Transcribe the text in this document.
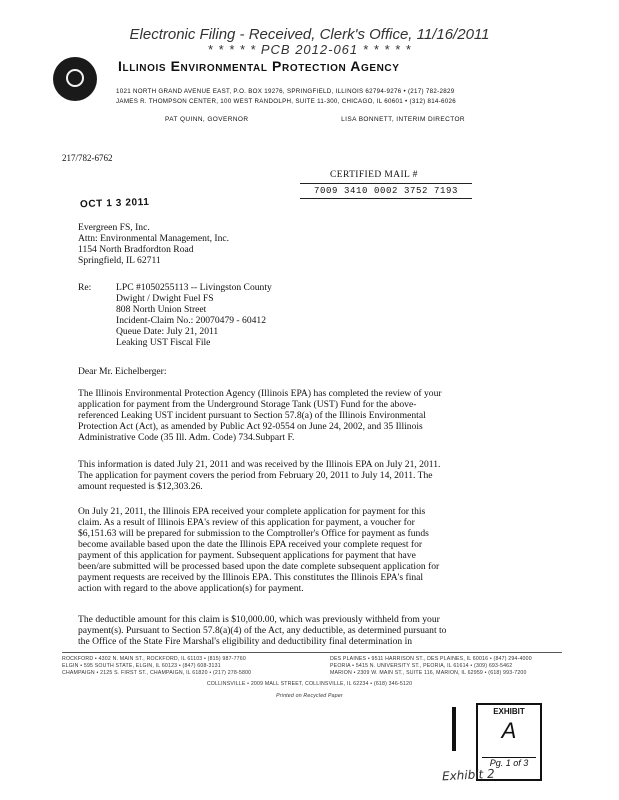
Electronic Filing - Received, Clerk's Office, 11/16/2011
* * * * * PCB 2012-061 * * * * *
Illinois Environmental Protection Agency
1021 NORTH GRAND AVENUE EAST, P.O. BOX 19276, SPRINGFIELD, ILLINOIS 62794-9276 • (217) 782-2829
JAMES R. THOMPSON CENTER, 100 WEST RANDOLPH, SUITE 11-300, CHICAGO, IL 60601 • (312) 814-6026
PAT QUINN, GOVERNOR	LISA BONNETT, INTERIM DIRECTOR
217/782-6762
CERTIFIED MAIL #
7009 3410 0002 3752 7193
OCT 1 3 2011
Evergreen FS, Inc.
Attn: Environmental Management, Inc.
1154 North Bradfordton Road
Springfield, IL 62711
Re:	LPC #1050255113 -- Livingston County
Dwight / Dwight Fuel FS
808 North Union Street
Incident-Claim No.: 20070479 - 60412
Queue Date: July 21, 2011
Leaking UST Fiscal File
Dear Mr. Eichelberger:
The Illinois Environmental Protection Agency (Illinois EPA) has completed the review of your
application for payment from the Underground Storage Tank (UST) Fund for the above-
referenced Leaking UST incident pursuant to Section 57.8(a) of the Illinois Environmental
Protection Act (Act), as amended by Public Act 92-0554 on June 24, 2002, and 35 Illinois
Administrative Code (35 Ill. Adm. Code) 734.Subpart F.
This information is dated July 21, 2011 and was received by the Illinois EPA on July 21, 2011.
The application for payment covers the period from February 20, 2011 to July 14, 2011. The
amount requested is $12,303.26.
On July 21, 2011, the Illinois EPA received your complete application for payment for this
claim. As a result of Illinois EPA's review of this application for payment, a voucher for
$6,151.63 will be prepared for submission to the Comptroller's Office for payment as funds
become available based upon the date the Illinois EPA received your complete request for
payment of this application for payment. Subsequent applications for payment that have
been/are submitted will be processed based upon the date complete subsequent application for
payment requests are received by the Illinois EPA. This constitutes the Illinois EPA's final
action with regard to the above application(s) for payment.
The deductible amount for this claim is $10,000.00, which was previously withheld from your
payment(s). Pursuant to Section 57.8(a)(4) of the Act, any deductible, as determined pursuant to
the Office of the State Fire Marshal's eligibility and deductibility final determination in
ROCKFORD • 4302 N. MAIN ST., ROCKFORD, IL 61103 • (815) 987-7760
ELGIN • 595 SOUTH STATE, ELGIN, IL 60123 • (847) 608-3131
CHAMPAIGN • 2125 S. FIRST ST., CHAMPAIGN, IL 61820 • (217) 278-5800
DES PLAINES • 9511 HARRISON ST., DES PLAINES, IL 60016 • (847) 294-4000
PEORIA • 5415 N. UNIVERSITY ST., PEORIA, IL 61614 • (309) 693-5462
MARION • 2309 W. MAIN ST., SUITE 116, MARION, IL 62959 • (618) 993-7200
COLLINSVILLE • 2009 MALL STREET, COLLINSVILLE, IL 62234 • (618) 346-5120
Printed on Recycled Paper
EXHIBIT
A
Pg. 1 of 3
Exhibit 2
